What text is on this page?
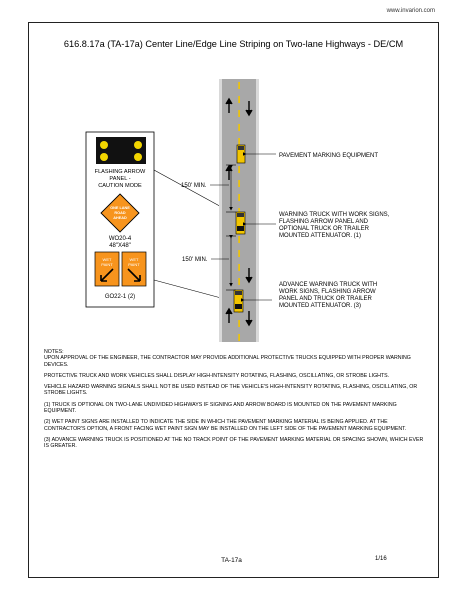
www.invarion.com
616.8.17a (TA-17a) Center Line/Edge Line Striping on Two-lane Highways - DE/CM
FLASHING ARROW
PANEL -
CAUTION MODE
ONE LANE
ROAD
AHEAD
WO20-4
48"X48"
WET
PAINT
WET
PAINT
GO22-1 (2)
150' MIN.
150' MIN.
PAVEMENT MARKING EQUIPMENT
WARNING TRUCK WITH WORK SIGNS,
FLASHING ARROW PANEL AND
OPTIONAL TRUCK OR TRAILER
MOUNTED ATTENUATOR. (1)
ADVANCE WARNING TRUCK WITH
WORK SIGNS, FLASHING ARROW
PANEL AND TRUCK OR TRAILER
MOUNTED ATTENUATOR. (3)

NOTES:

UPON APPROVAL OF THE ENGINEER, THE CONTRACTOR MAY PROVIDE ADDITIONAL PROTECTIVE TRUCKS EQUIPPED WITH PROPER WARNING DEVICES.

PROTECTIVE TRUCK AND WORK VEHICLES SHALL DISPLAY HIGH-INTENSITY ROTATING, FLASHING, OSCILLATING, OR STROBE LIGHTS.

VEHICLE HAZARD WARNING SIGNALS SHALL NOT BE USED INSTEAD OF THE VEHICLE'S HIGH-INTENSITY ROTATING, FLASHING, OSCILLATING, OR STROBE LIGHTS.

(1) TRUCK IS OPTIONAL ON TWO-LANE UNDIVIDED HIGHWAYS IF SIGNING AND ARROW BOARD IS MOUNTED ON THE PAVEMENT MARKING EQUIPMENT.

(2) WET PAINT SIGNS ARE INSTALLED TO INDICATE THE SIDE IN WHICH THE PAVEMENT MARKING MATERIAL IS BEING APPLIED. AT THE CONTRACTOR'S OPTION, A FRONT FACING WET PAINT SIGN MAY BE INSTALLED ON THE LEFT SIDE OF THE PAVEMENT MARKING EQUIPMENT.

(3) ADVANCE WARNING TRUCK IS POSITIONED AT THE NO TRACK POINT OF THE PAVEMENT MARKING MATERIAL OR SPACING SHOWN, WHICH EVER IS GREATER.

TA-17a	1/16
